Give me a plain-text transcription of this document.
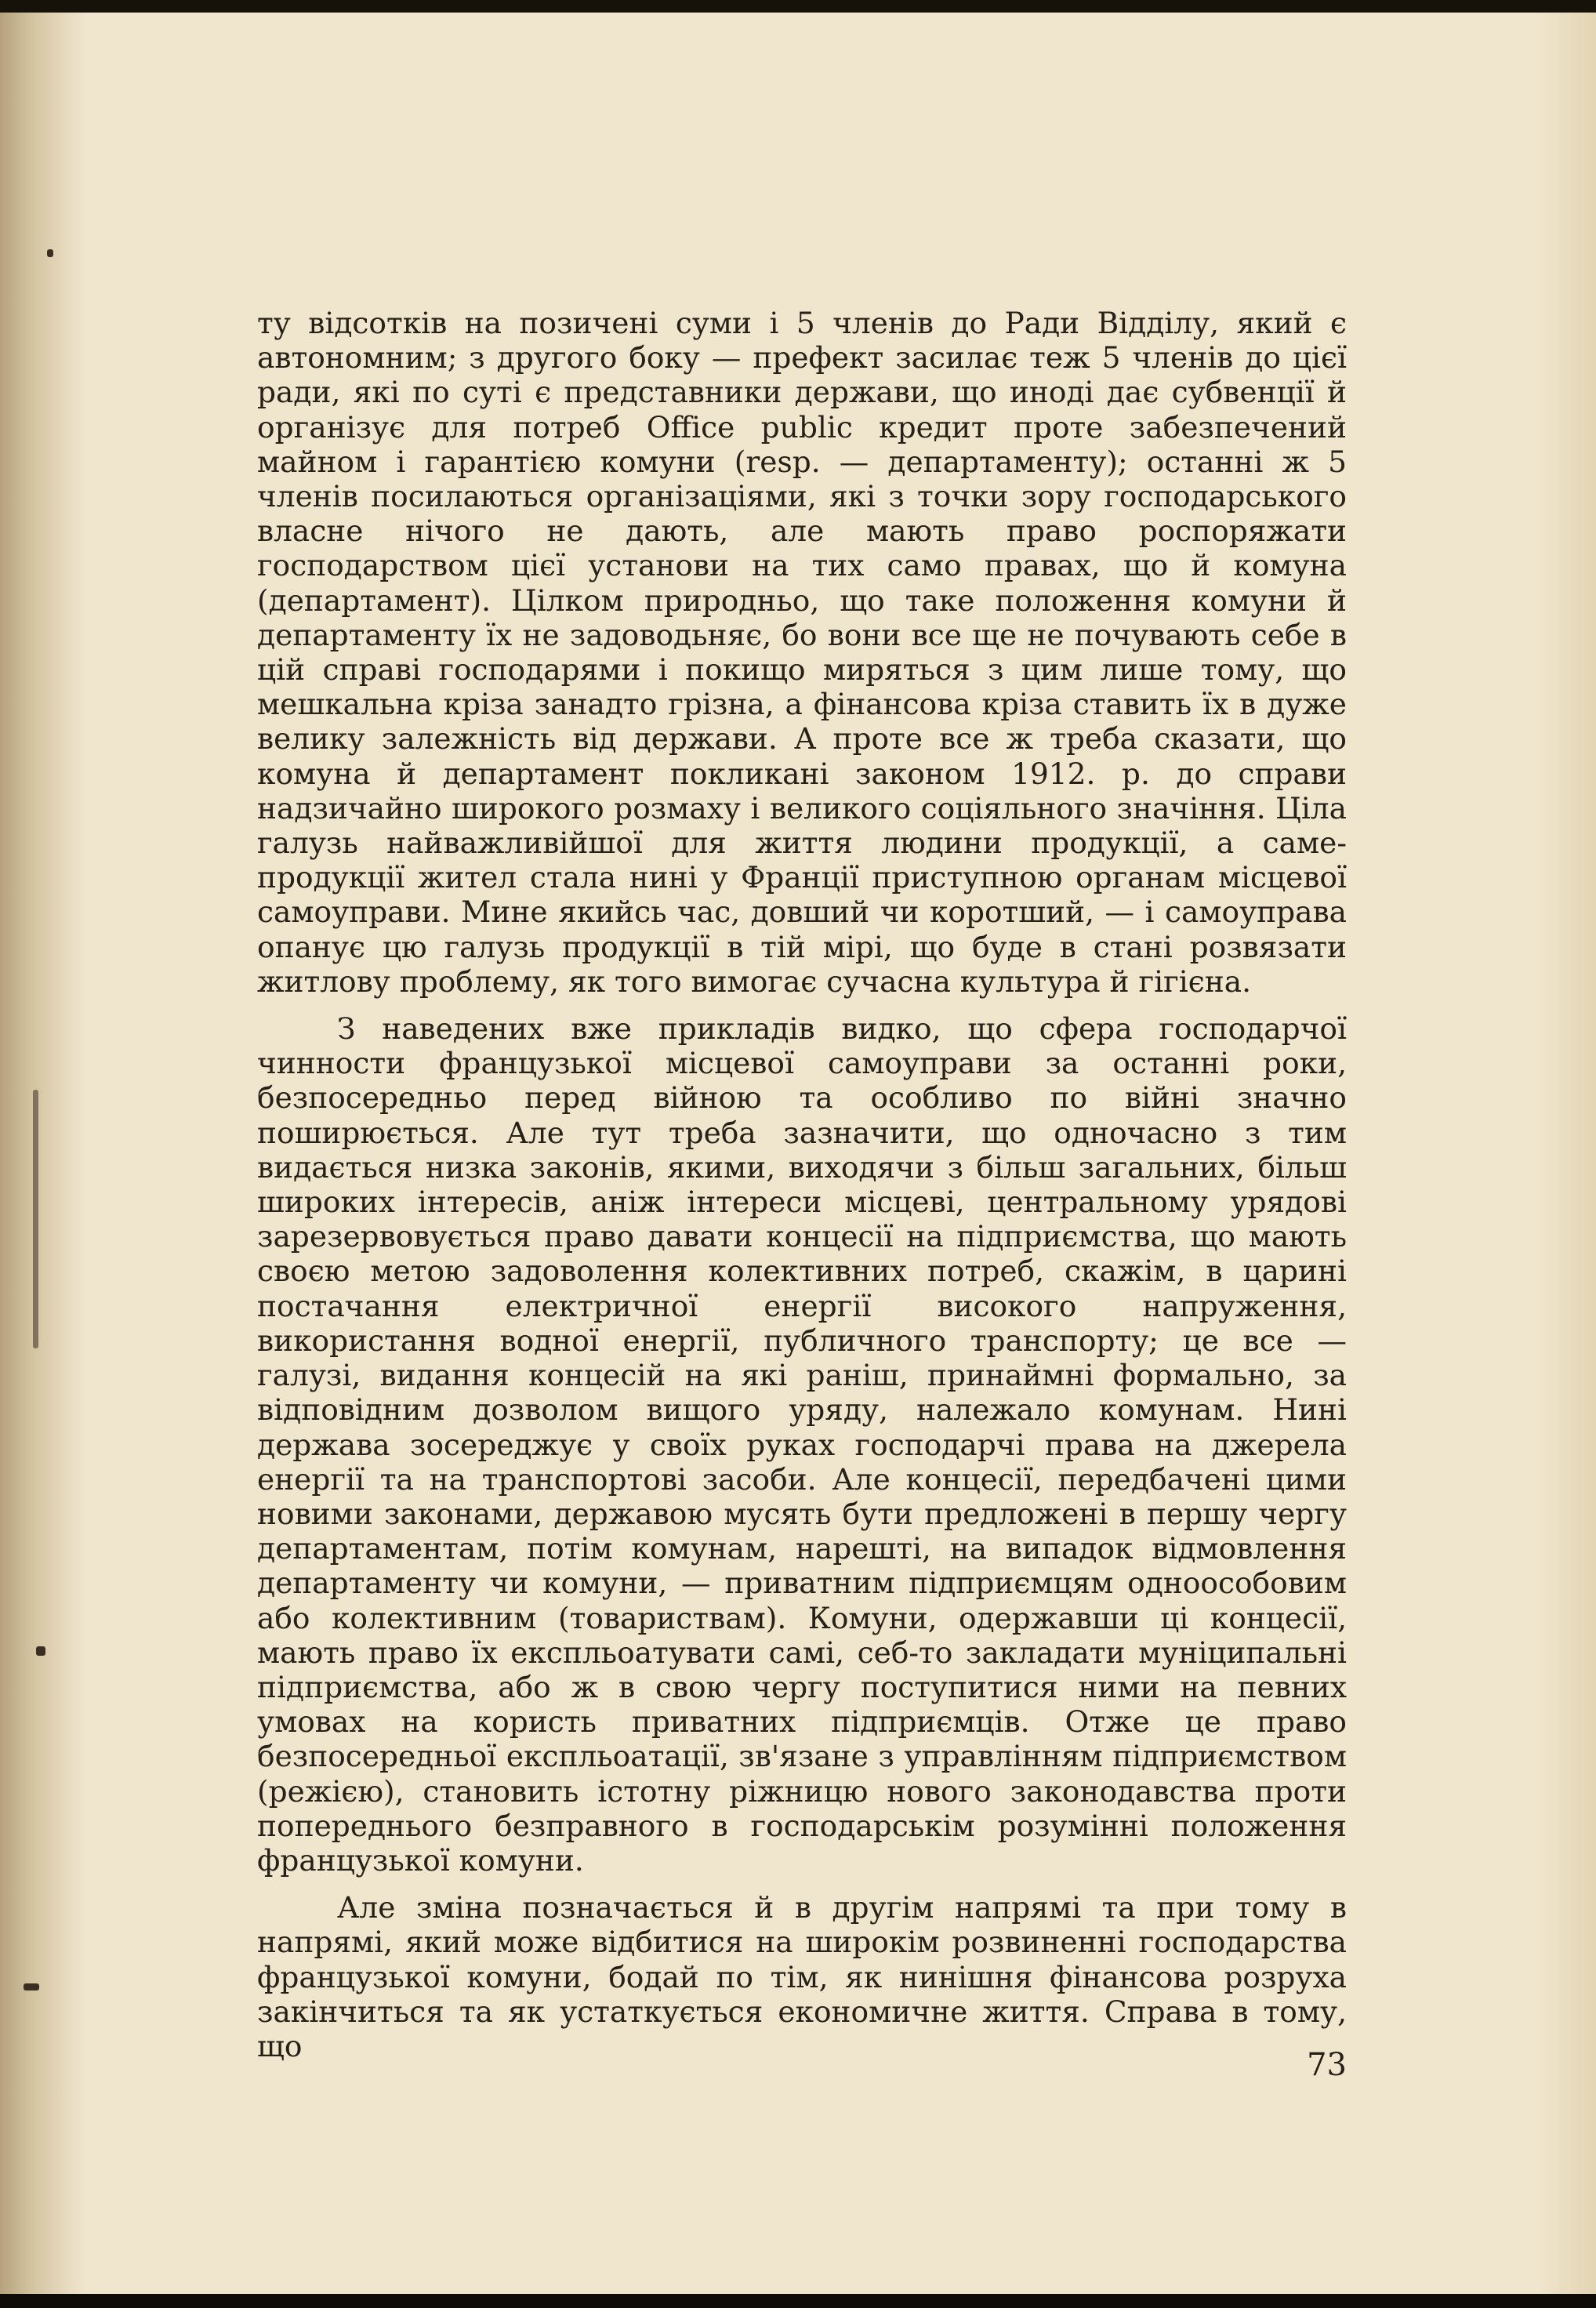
ту відсотків на позичені суми і 5 членів до Ради Відділу, який є автономним; з другого боку — префект засилає теж 5 членів до цієї ради, які по суті є представники держави, що иноді дає субвенції й організує для потреб Office public кредит проте забезпечений майном і гарантією комуни (resp. — департаменту); останні ж 5 членів посилаються організаціями, які з точки зору господарського власне нічого не дають, але мають право роспоряжати господарством цієї установи на тих само правах, що й комуна (департамент). Цілком природньо, що таке положення комуни й департаменту їх не задоводьняє, бо вони все ще не почувають себе в цій справі господарями і покищо миряться з цим лише тому, що мешкальна кріза занадто грізна, а фінансова кріза ставить їх в дуже велику залежність від держави. А проте все ж треба сказати, що комуна й департамент покликані законом 1912. р. до справи надзичайно широкого розмаху і великого соціяльного значіння. Ціла галузь найважливійшої для життя людини продукції, а саме-продукції жител стала нині у Франції приступною органам місцевої самоуправи. Мине якийсь час, довший чи коротший, — і самоуправа опанує цю галузь продукції в тій мірі, що буде в стані розвязати житлову проблему, як того вимогає сучасна культура й гігієна.

З наведених вже прикладів видко, що сфера господарчої чинности французької місцевої самоуправи за останні роки, безпосередньо перед війною та особливо по війні значно поширюється. Але тут треба зазначити, що одночасно з тим видається низка законів, якими, виходячи з більш загальних, більш широких інтересів, аніж інтереси місцеві, центральному урядові зарезервовується право давати концесії на підприємства, що мають своєю метою задоволення колективних потреб, скажім, в царині постачання електричної енергії високого напруження, використання водної енергії, публичного транспорту; це все — галузі, видання концесій на які раніш, принаймні формально, за відповідним дозволом вищого уряду, належало комунам. Нині держава зосереджує у своїх руках господарчі права на джерела енергії та на транспортові засоби. Але концесії, передбачені цими новими законами, державою мусять бути предложені в першу чергу департаментам, потім комунам, нарешті, на випадок відмовлення департаменту чи комуни, — приватним підприємцям одноособовим або колективним (товариствам). Комуни, одержавши ці концесії, мають право їх експльоатувати самі, себ-то закладати муніципальні підприємства, або ж в свою чергу поступитися ними на певних умовах на користь приватних підприємців. Отже це право безпосередньої експльоатації, зв'язане з управлінням підприємством (режією), становить істотну ріжницю нового законодавства проти попереднього безправного в господарськім розумінні положення французької комуни.

Але зміна позначається й в другім напрямі та при тому в напрямі, який може відбитися на широкім розвиненні господарства французької комуни, бодай по тім, як нинішня фінансова розруха закінчиться та як устаткується економичне життя. Справа в тому, що

73
